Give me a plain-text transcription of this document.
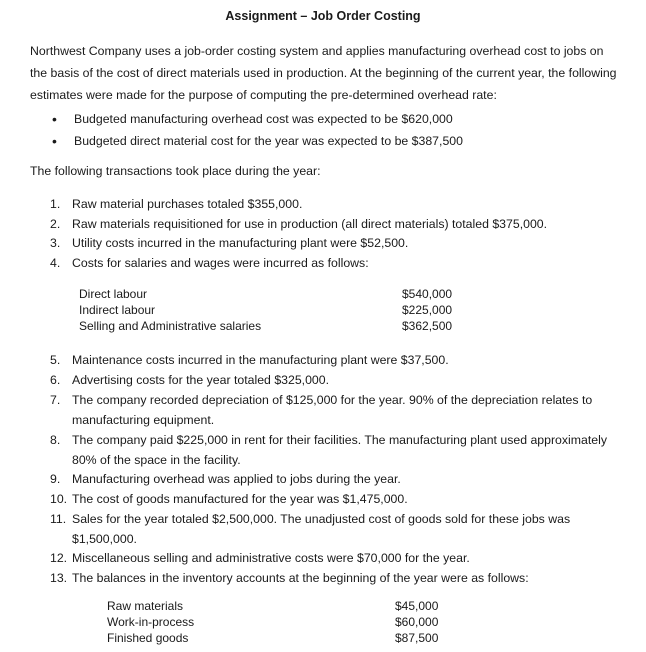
Assignment – Job Order Costing

Northwest Company uses a job-order costing system and applies manufacturing overhead cost to jobs on the basis of the cost of direct materials used in production. At the beginning of the current year, the following estimates were made for the purpose of computing the pre-determined overhead rate:

• Budgeted manufacturing overhead cost was expected to be $620,000
• Budgeted direct material cost for the year was expected to be $387,500

The following transactions took place during the year:

1. Raw material purchases totaled $355,000.
2. Raw materials requisitioned for use in production (all direct materials) totaled $375,000.
3. Utility costs incurred in the manufacturing plant were $52,500.
4. Costs for salaries and wages were incurred as follows:
Direct labour	$540,000
Indirect labour	$225,000
Selling and Administrative salaries	$362,500
5. Maintenance costs incurred in the manufacturing plant were $37,500.
6. Advertising costs for the year totaled $325,000.
7. The company recorded depreciation of $125,000 for the year. 90% of the depreciation relates to manufacturing equipment.
8. The company paid $225,000 in rent for their facilities. The manufacturing plant used approximately 80% of the space in the facility.
9. Manufacturing overhead was applied to jobs during the year.
10. The cost of goods manufactured for the year was $1,475,000.
11. Sales for the year totaled $2,500,000. The unadjusted cost of goods sold for these jobs was $1,500,000.
12. Miscellaneous selling and administrative costs were $70,000 for the year.
13. The balances in the inventory accounts at the beginning of the year were as follows:
Raw materials	$45,000
Work-in-process	$60,000
Finished goods	$87,500
